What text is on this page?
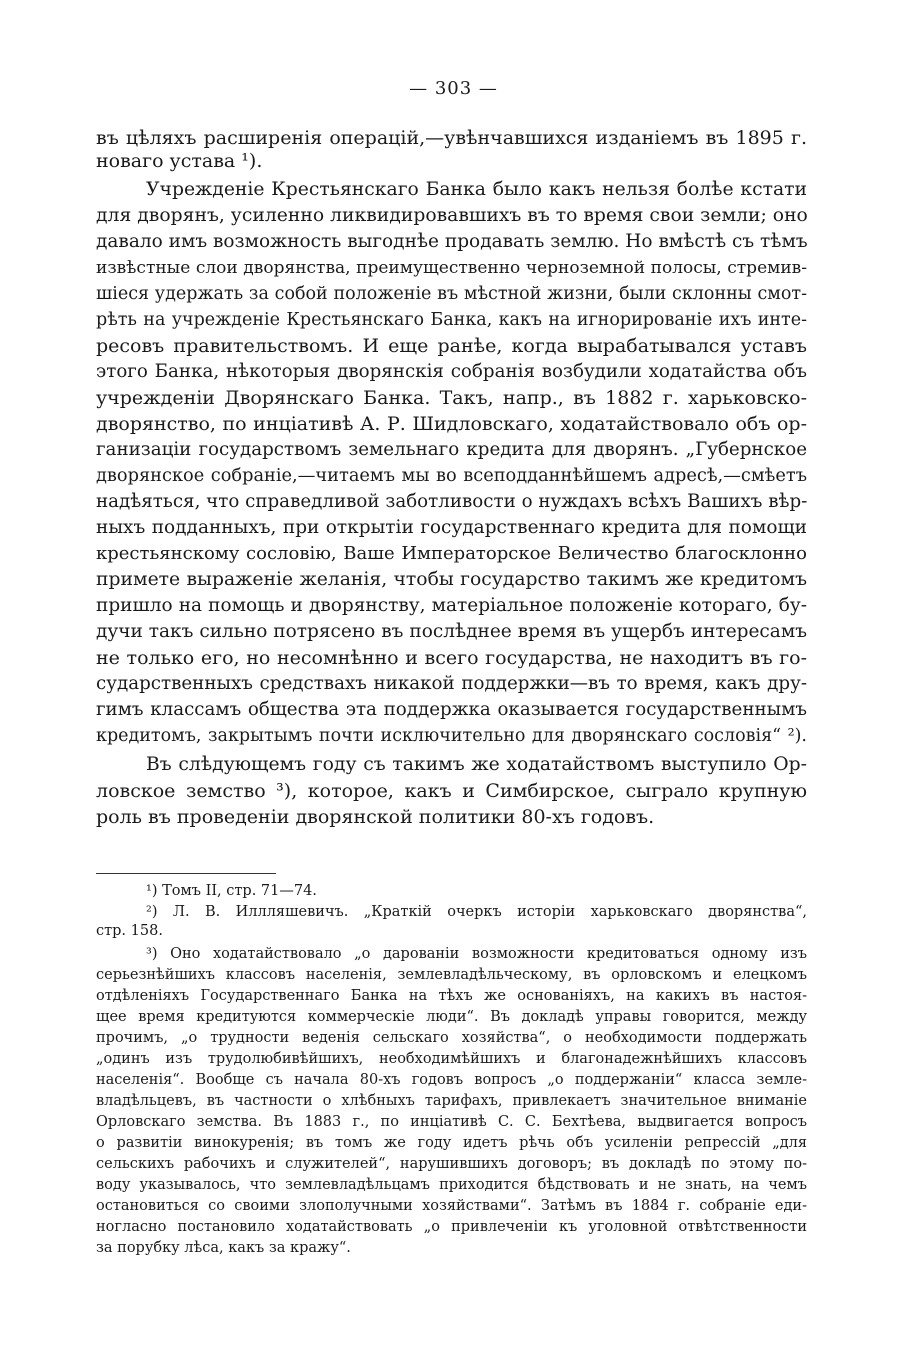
— 303 —
въ цѣляхъ расширенія операцій,—увѣнчавшихся изданіемъ въ 1895 г.
новаго устава ¹).
Учрежденіе Крестьянскаго Банка было какъ нельзя болѣе кстати
для дворянъ, усиленно ликвидировавшихъ въ то время свои земли; оно
давало имъ возможность выгоднѣе продавать землю. Но вмѣстѣ съ тѣмъ
извѣстные слои дворянства, преимущественно черноземной полосы, стремив-
шіеся удержать за собой положеніе въ мѣстной жизни, были склонны смот-
рѣть на учрежденіе Крестьянскаго Банка, какъ на игнорированіе ихъ инте-
ресовъ правительствомъ. И еще ранѣе, когда вырабатывался уставъ
этого Банка, нѣкоторыя дворянскія собранія возбудили ходатайства объ
учрежденіи Дворянскаго Банка. Такъ, напр., въ 1882 г. харьковско-
дворянство, по инціативѣ А. Р. Шидловскаго, ходатайствовало объ ор-
ганизаціи государствомъ земельнаго кредита для дворянъ. „Губернское
дворянское собраніе,—читаемъ мы во всеподданнѣйшемъ адресѣ,—смѣетъ
надѣяться, что справедливой заботливости о нуждахъ всѣхъ Вашихъ вѣр-
ныхъ подданныхъ, при открытіи государственнаго кредита для помощи
крестьянскому сословію, Ваше Императорское Величество благосклонно
примете выраженіе желанія, чтобы государство такимъ же кредитомъ
пришло на помощь и дворянству, матеріальное положеніе котораго, бу-
дучи такъ сильно потрясено въ послѣднее время въ ущербъ интересамъ
не только его, но несомнѣнно и всего государства, не находитъ въ го-
сударственныхъ средствахъ никакой поддержки—въ то время, какъ дру-
гимъ классамъ общества эта поддержка оказывается государственнымъ
кредитомъ, закрытымъ почти исключительно для дворянскаго сословія“ ²).
Въ слѣдующемъ году съ такимъ же ходатайствомъ выступило Ор-
ловское земство ³), которое, какъ и Симбирское, сыграло крупную
роль въ проведеніи дворянской политики 80-хъ годовъ.
¹) Томъ II, стр. 71—74.
²) Л. В. Иллляшевичъ. „Краткій очеркъ исторіи харьковскаго дворянства“,
стр. 158.
³) Оно ходатайствовало „о дарованіи возможности кредитоваться одному изъ
серьезнѣйшихъ классовъ населенія, землевладѣльческому, въ орловскомъ и елецкомъ
отдѣленіяхъ Государственнаго Банка на тѣхъ же основаніяхъ, на какихъ въ настоя-
щее время кредитуются коммерческіе люди“. Въ докладѣ управы говорится, между
прочимъ, „о трудности веденія сельскаго хозяйства“, о необходимости поддержать
„одинъ изъ трудолюбивѣйшихъ, необходимѣйшихъ и благонадежнѣйшихъ классовъ
населенія“. Вообще съ начала 80-хъ годовъ вопросъ „о поддержаніи“ класса земле-
владѣльцевъ, въ частности о хлѣбныхъ тарифахъ, привлекаетъ значительное вниманіе
Орловскаго земства. Въ 1883 г., по инціативѣ С. С. Бехтѣева, выдвигается вопросъ
о развитіи винокуренія; въ томъ же году идетъ рѣчь объ усиленіи репрессій „для
сельскихъ рабочихъ и служителей“, нарушившихъ договоръ; въ докладѣ по этому по-
воду указывалось, что землевладѣльцамъ приходится бѣдствовать и не знать, на чемъ
остановиться со своими злополучными хозяйствами“. Затѣмъ въ 1884 г. собраніе еди-
ногласно постановило ходатайствовать „о привлеченіи къ уголовной отвѣтственности
за порубку лѣса, какъ за кражу“.
